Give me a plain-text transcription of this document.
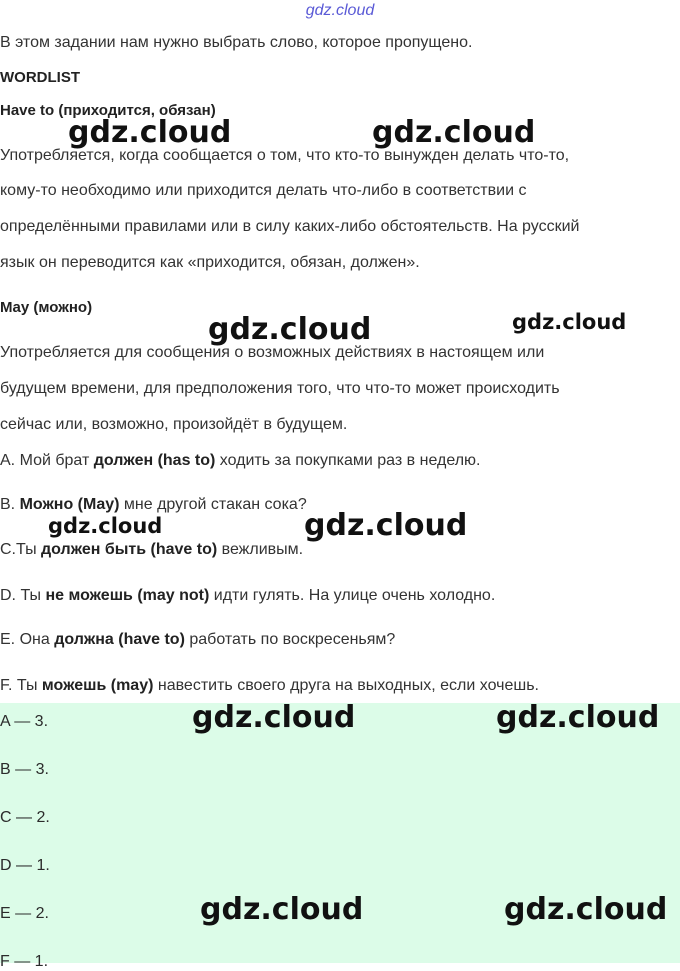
gdz.cloud
В этом задании нам нужно выбрать слово, которое пропущено.
WORDLIST
Have to (приходится, обязан)
Употребляется, когда сообщается о том, что кто-то вынужден делать что-то,
кому-то необходимо или приходится делать что-либо в соответствии с
определёнными правилами или в силу каких-либо обстоятельств. На русский
язык он переводится как «приходится, обязан, должен».
May (можно)
Употребляется для сообщения о возможных действиях в настоящем или
будущем времени, для предположения того, что что-то может происходить
сейчас или, возможно, произойдёт в будущем.
A. Мой брат должен (has to) ходить за покупками раз в неделю.
B. Можно (May) мне другой стакан сока?
C.Ты должен быть (have to) вежливым.
D. Ты не можешь (may not) идти гулять. На улице очень холодно.
E. Она должна (have to) работать по воскресеньям?
F. Ты можешь (may) навестить своего друга на выходных, если хочешь.
A — 3.
B — 3.
C — 2.
D — 1.
E — 2.
F — 1.
gdz.cloud	gdz.cloud
gdz.cloud	gdz.cloud
gdz.cloud	gdz.cloud
gdz.cloud	gdz.cloud
gdz.cloud	gdz.cloud
